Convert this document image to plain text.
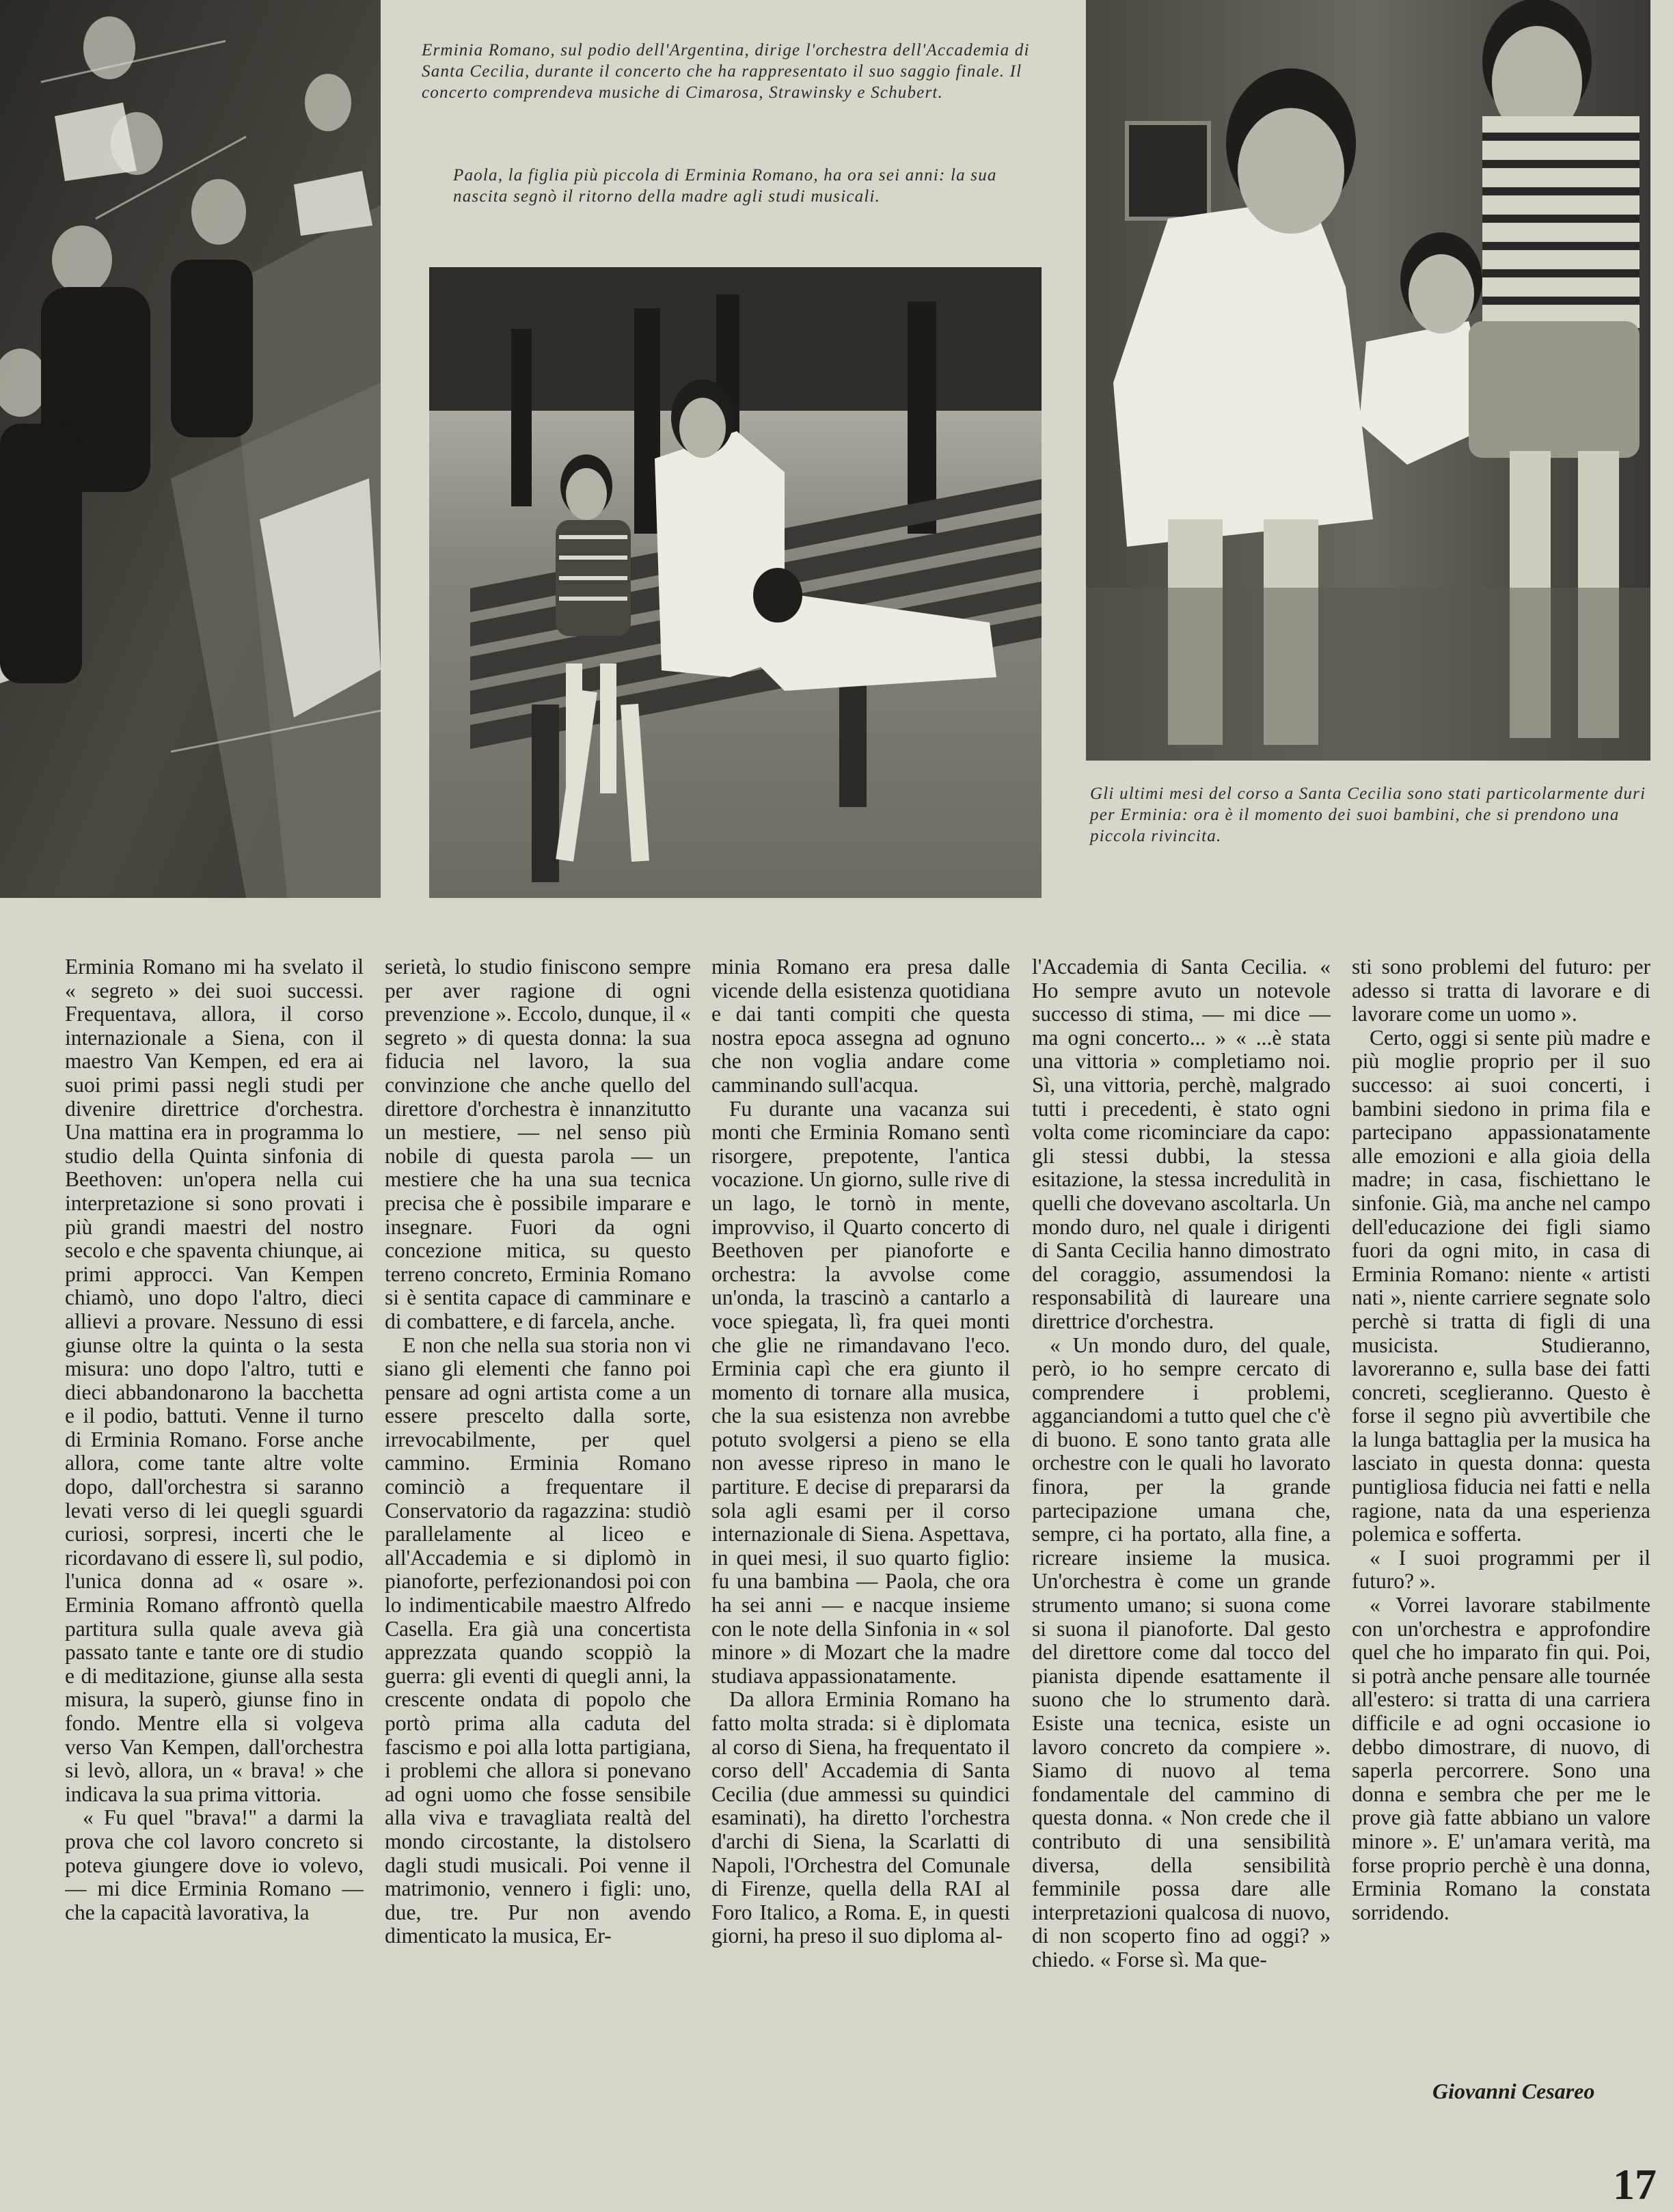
Erminia Romano, sul podio dell'Argentina, dirige l'orchestra dell'Accademia di Santa Cecilia, durante il concerto che ha rappresentato il suo saggio finale. Il concerto comprendeva musiche di Cimarosa, Strawinsky e Schubert.
Paola, la figlia più piccola di Erminia Romano, ha ora sei anni: la sua nascita segnò il ritorno della madre agli studi musicali.
Gli ultimi mesi del corso a Santa Cecilia sono stati particolarmente duri per Erminia: ora è il momento dei suoi bambini, che si prendono una piccola rivincita.

Erminia Romano mi ha svelato il « segreto » dei suoi successi. Frequentava, allora, il corso internazionale a Siena, con il maestro Van Kempen, ed era ai suoi primi passi negli studi per divenire direttrice d'orchestra. Una mattina era in programma lo studio della Quinta sinfonia di Beethoven: un'opera nella cui interpretazione si sono provati i più grandi maestri del nostro secolo e che spaventa chiunque, ai primi approcci. Van Kempen chiamò, uno dopo l'altro, dieci allievi a provare. Nessuno di essi giunse oltre la quinta o la sesta misura: uno dopo l'altro, tutti e dieci abbandonarono la bacchetta e il podio, battuti. Venne il turno di Erminia Romano. Forse anche allora, come tante altre volte dopo, dall'orchestra si saranno levati verso di lei quegli sguardi curiosi, sorpresi, incerti che le ricordavano di essere lì, sul podio, l'unica donna ad « osare ». Erminia Romano affrontò quella partitura sulla quale aveva già passato tante e tante ore di studio e di meditazione, giunse alla sesta misura, la superò, giunse fino in fondo. Mentre ella si volgeva verso Van Kempen, dall'orchestra si levò, allora, un « brava! » che indicava la sua prima vittoria.

« Fu quel "brava!" a darmi la prova che col lavoro concreto si poteva giungere dove io volevo, — mi dice Erminia Romano — che la capacità lavorativa, la

serietà, lo studio finiscono sempre per aver ragione di ogni prevenzione ». Eccolo, dunque, il « segreto » di questa donna: la sua fiducia nel lavoro, la sua convinzione che anche quello del direttore d'orchestra è innanzitutto un mestiere, — nel senso più nobile di questa parola — un mestiere che ha una sua tecnica precisa che è possibile imparare e insegnare. Fuori da ogni concezione mitica, su questo terreno concreto, Erminia Romano si è sentita capace di camminare e di combattere, e di farcela, anche.

E non che nella sua storia non vi siano gli elementi che fanno poi pensare ad ogni artista come a un essere prescelto dalla sorte, irrevocabilmente, per quel cammino. Erminia Romano cominciò a frequentare il Conservatorio da ragazzina: studiò parallelamente al liceo e all'Accademia e si diplomò in pianoforte, perfezionandosi poi con lo indimenticabile maestro Alfredo Casella. Era già una concertista apprezzata quando scoppiò la guerra: gli eventi di quegli anni, la crescente ondata di popolo che portò prima alla caduta del fascismo e poi alla lotta partigiana, i problemi che allora si ponevano ad ogni uomo che fosse sensibile alla viva e travagliata realtà del mondo circostante, la distolsero dagli studi musicali. Poi venne il matrimonio, vennero i figli: uno, due, tre. Pur non avendo dimenticato la musica, Er-

minia Romano era presa dalle vicende della esistenza quotidiana e dai tanti compiti che questa nostra epoca assegna ad ognuno che non voglia andare come camminando sull'acqua.

Fu durante una vacanza sui monti che Erminia Romano sentì risorgere, prepotente, l'antica vocazione. Un giorno, sulle rive di un lago, le tornò in mente, improvviso, il Quarto concerto di Beethoven per pianoforte e orchestra: la avvolse come un'onda, la trascinò a cantarlo a voce spiegata, lì, fra quei monti che glie ne rimandavano l'eco. Erminia capì che era giunto il momento di tornare alla musica, che la sua esistenza non avrebbe potuto svolgersi a pieno se ella non avesse ripreso in mano le partiture. E decise di prepararsi da sola agli esami per il corso internazionale di Siena. Aspettava, in quei mesi, il suo quarto figlio: fu una bambina — Paola, che ora ha sei anni — e nacque insieme con le note della Sinfonia in « sol minore » di Mozart che la madre studiava appassionatamente.

Da allora Erminia Romano ha fatto molta strada: si è diplomata al corso di Siena, ha frequentato il corso dell' Accademia di Santa Cecilia (due ammessi su quindici esaminati), ha diretto l'orchestra d'archi di Siena, la Scarlatti di Napoli, l'Orchestra del Comunale di Firenze, quella della RAI al Foro Italico, a Roma. E, in questi giorni, ha preso il suo diploma al-

l'Accademia di Santa Cecilia. « Ho sempre avuto un notevole successo di stima, — mi dice — ma ogni concerto... » « ...è stata una vittoria » completiamo noi. Sì, una vittoria, perchè, malgrado tutti i precedenti, è stato ogni volta come ricominciare da capo: gli stessi dubbi, la stessa esitazione, la stessa incredulità in quelli che dovevano ascoltarla. Un mondo duro, nel quale i dirigenti di Santa Cecilia hanno dimostrato del coraggio, assumendosi la responsabilità di laureare una direttrice d'orchestra.

« Un mondo duro, del quale, però, io ho sempre cercato di comprendere i problemi, agganciandomi a tutto quel che c'è di buono. E sono tanto grata alle orchestre con le quali ho lavorato finora, per la grande partecipazione umana che, sempre, ci ha portato, alla fine, a ricreare insieme la musica. Un'orchestra è come un grande strumento umano; si suona come si suona il pianoforte. Dal gesto del direttore come dal tocco del pianista dipende esattamente il suono che lo strumento darà. Esiste una tecnica, esiste un lavoro concreto da compiere ». Siamo di nuovo al tema fondamentale del cammino di questa donna. « Non crede che il contributo di una sensibilità diversa, della sensibilità femminile possa dare alle interpretazioni qualcosa di nuovo, di non scoperto fino ad oggi? » chiedo. « Forse sì. Ma que-

sti sono problemi del futuro: per adesso si tratta di lavorare e di lavorare come un uomo ».

Certo, oggi si sente più madre e più moglie proprio per il suo successo: ai suoi concerti, i bambini siedono in prima fila e partecipano appassionatamente alle emozioni e alla gioia della madre; in casa, fischiettano le sinfonie. Già, ma anche nel campo dell'educazione dei figli siamo fuori da ogni mito, in casa di Erminia Romano: niente « artisti nati », niente carriere segnate solo perchè si tratta di figli di una musicista. Studieranno, lavoreranno e, sulla base dei fatti concreti, sceglieranno. Questo è forse il segno più avvertibile che la lunga battaglia per la musica ha lasciato in questa donna: questa puntigliosa fiducia nei fatti e nella ragione, nata da una esperienza polemica e sofferta.

« I suoi programmi per il futuro? ».

« Vorrei lavorare stabilmente con un'orchestra e approfondire quel che ho imparato fin qui. Poi, si potrà anche pensare alle tournée all'estero: si tratta di una carriera difficile e ad ogni occasione io debbo dimostrare, di nuovo, di saperla percorrere. Sono una donna e sembra che per me le prove già fatte abbiano un valore minore ». E' un'amara verità, ma forse proprio perchè è una donna, Erminia Romano la constata sorridendo.

Giovanni Cesareo
17
